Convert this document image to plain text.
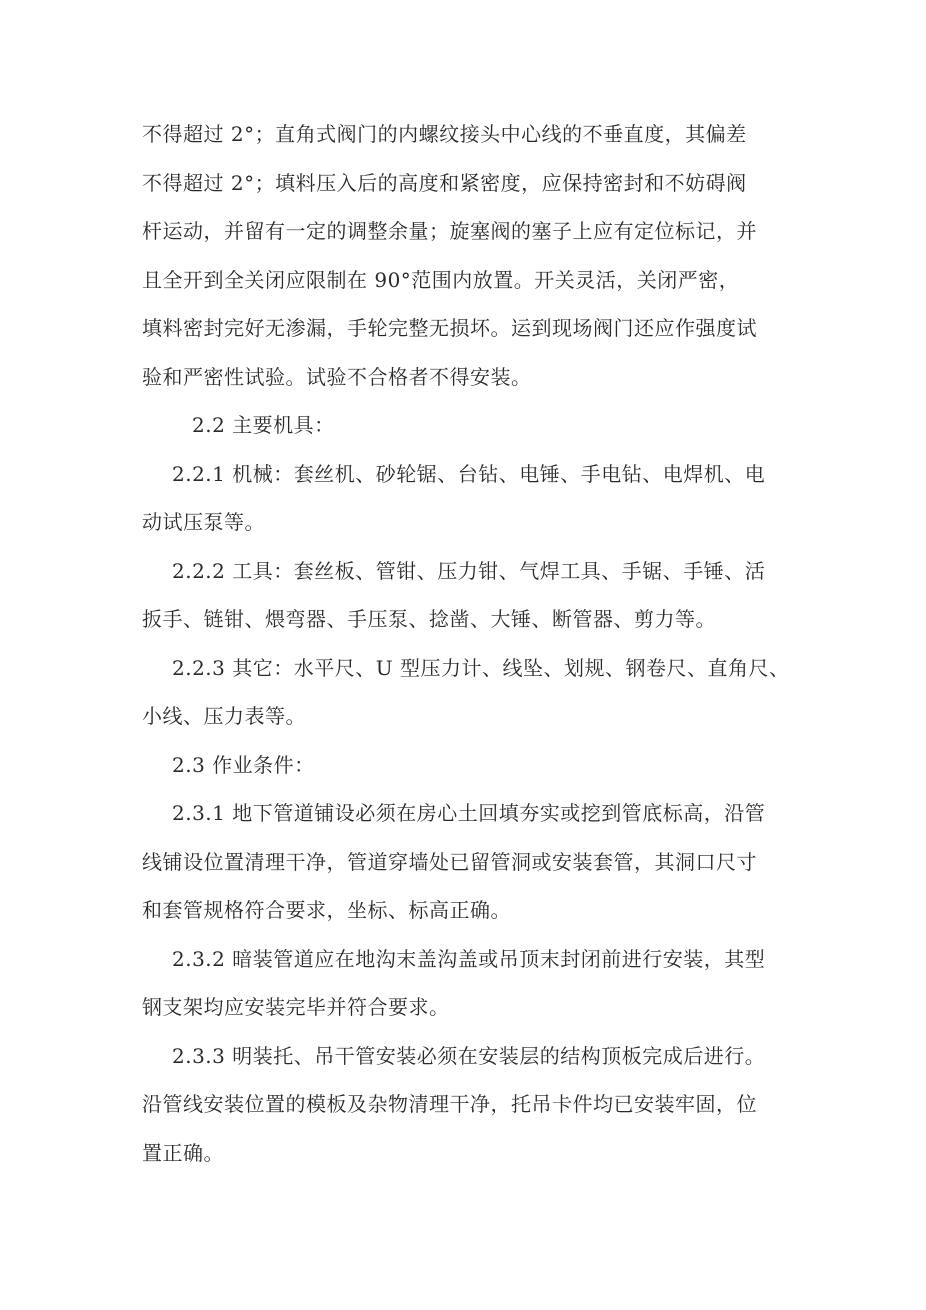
不得超过 2°；直角式阀门的内螺纹接头中心线的不垂直度，其偏差
不得超过 2°；填料压入后的高度和紧密度，应保持密封和不妨碍阀
杆运动，并留有一定的调整余量；旋塞阀的塞子上应有定位标记，并
且全开到全关闭应限制在 90°范围内放置。开关灵活，关闭严密，
填料密封完好无渗漏，手轮完整无损坏。运到现场阀门还应作强度试
验和严密性试验。试验不合格者不得安装。

2.2 主要机具：

2.2.1 机械：套丝机、砂轮锯、台钻、电锤、手电钻、电焊机、电
动试压泵等。

2.2.2 工具：套丝板、管钳、压力钳、气焊工具、手锯、手锤、活
扳手、链钳、煨弯器、手压泵、捻凿、大锤、断管器、剪力等。

2.2.3 其它：水平尺、U 型压力计、线坠、划规、钢卷尺、直角尺、
小线、压力表等。

2.3 作业条件：

2.3.1 地下管道铺设必须在房心土回填夯实或挖到管底标高，沿管
线铺设位置清理干净，管道穿墙处已留管洞或安装套管，其洞口尺寸
和套管规格符合要求，坐标、标高正确。

2.3.2 暗装管道应在地沟末盖沟盖或吊顶末封闭前进行安装，其型
钢支架均应安装完毕并符合要求。

2.3.3 明装托、吊干管安装必须在安装层的结构顶板完成后进行。
沿管线安装位置的模板及杂物清理干净，托吊卡件均已安装牢固，位
置正确。
